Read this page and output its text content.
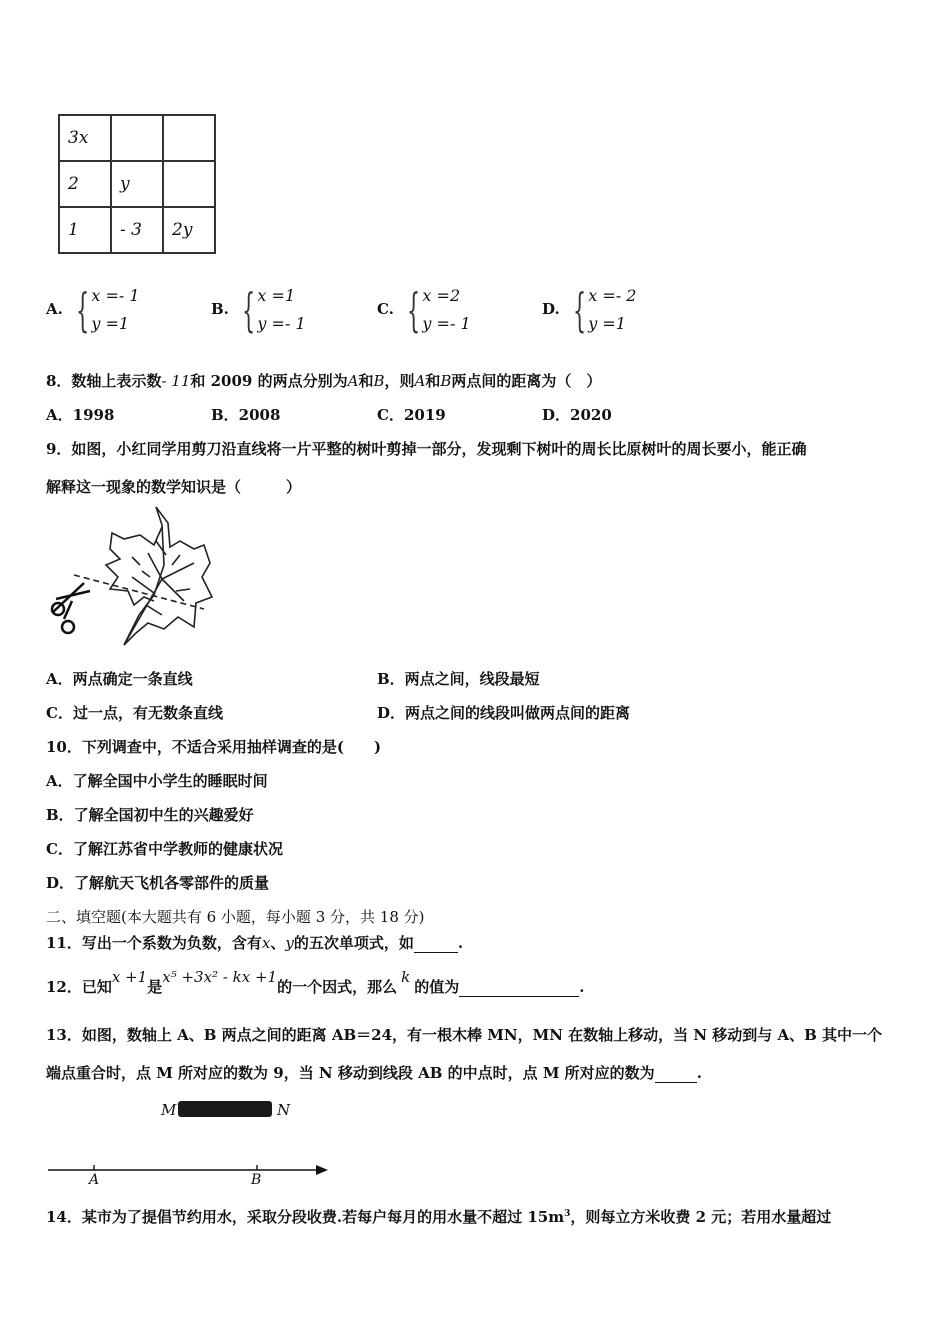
3x		
2	y	
1	- 3	2y
A. { x =- 1
y =1
B. { x =1
y =- 1
C. { x =2
y =- 1
D. { x =- 2
y =1
8．数轴上表示数- 11和 2009 的两点分别为A和B，则A和B两点间的距离为（　）
A．1998	B．2008	C．2019	D．2020
9．如图，小红同学用剪刀沿直线将一片平整的树叶剪掉一部分，发现剩下树叶的周长比原树叶的周长要小，能正确
解释这一现象的数学知识是（　　　）
A．两点确定一条直线	B．两点之间，线段最短
C．过一点，有无数条直线	D．两点之间的线段叫做两点间的距离
10．下列调查中，不适合采用抽样调查的是(　　)
A．了解全国中小学生的睡眠时间
B．了解全国初中生的兴趣爱好
C．了解江苏省中学教师的健康状况
D．了解航天飞机各零部件的质量
二、填空题(本大题共有 6 小题，每小题 3 分，共 18 分)
11．写出一个系数为负数，含有x、y的五次单项式，如	.
12．已知x +1是x⁵ +3x² - kx +1的一个因式，那么k的值为	.
13．如图，数轴上 A、B 两点之间的距离 AB＝24，有一根木棒 MN，MN 在数轴上移动，当 N 移动到与 A、B 其中一个
端点重合时，点 M 所对应的数为 9，当 N 移动到线段 AB 的中点时，点 M 所对应的数为	.
M	N
A	B
14．某市为了提倡节约用水，采取分段收费.若每户每月的用水量不超过 $15m^3$，则每立方米收费 2 元；若用水量超过
